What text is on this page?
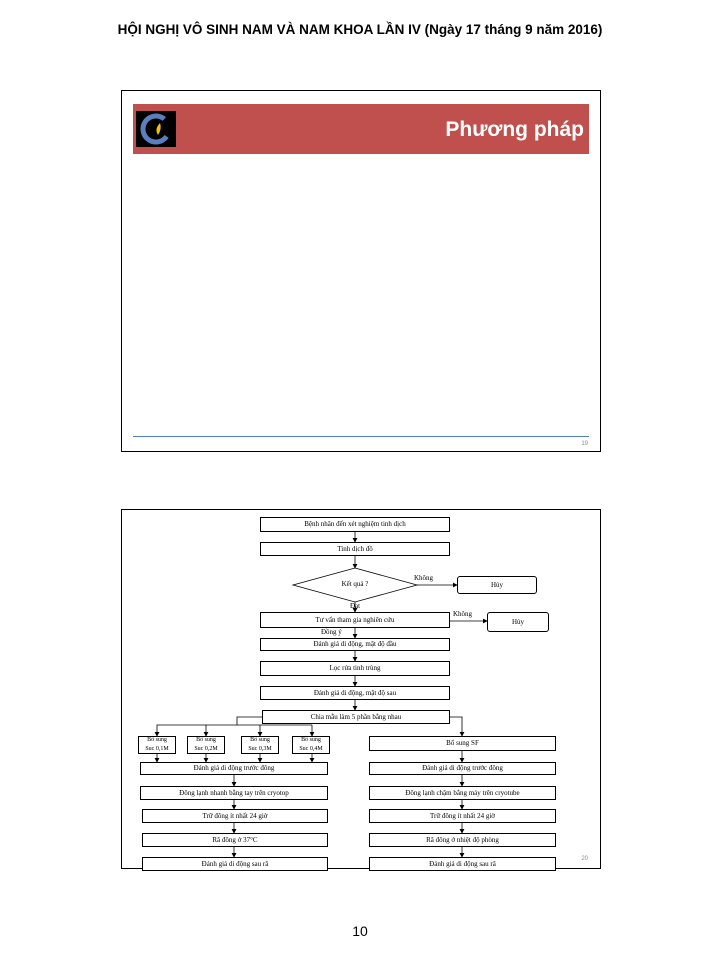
HỘI NGHỊ VÔ SINH NAM VÀ NAM KHOA LẦN IV (Ngày 17 tháng 9 năm 2016)
Phương pháp
19
Bệnh nhân đến xét nghiệm tinh dịch
Tinh dịch đồ
Kết quả ?
Không
Hủy
Đạt
Tư vấn tham gia nghiên cứu
Không
Hủy
Đồng ý
Đánh giá di động, mật độ đầu
Lọc rửa tinh trùng
Đánh giá di động, mật độ sau
Chia mẫu làm 5 phần bằng nhau
Bổ sung
Suc 0,1M
Bổ sung
Suc 0,2M
Bổ sung
Suc 0,3M
Bổ sung
Suc 0,4M
Bổ sung SF
Đánh giá di động trước đông
Đông lạnh nhanh bằng tay trên cryotop
Trữ đông ít nhất 24 giờ
Rã đông ở 37°C
Đánh giá di động sau rã
Đánh giá di động trước đông
Đông lạnh chậm bằng máy trên cryotube
Trữ đông ít nhất 24 giờ
Rã đông ở nhiệt độ phòng
Đánh giá di động sau rã
20
10
